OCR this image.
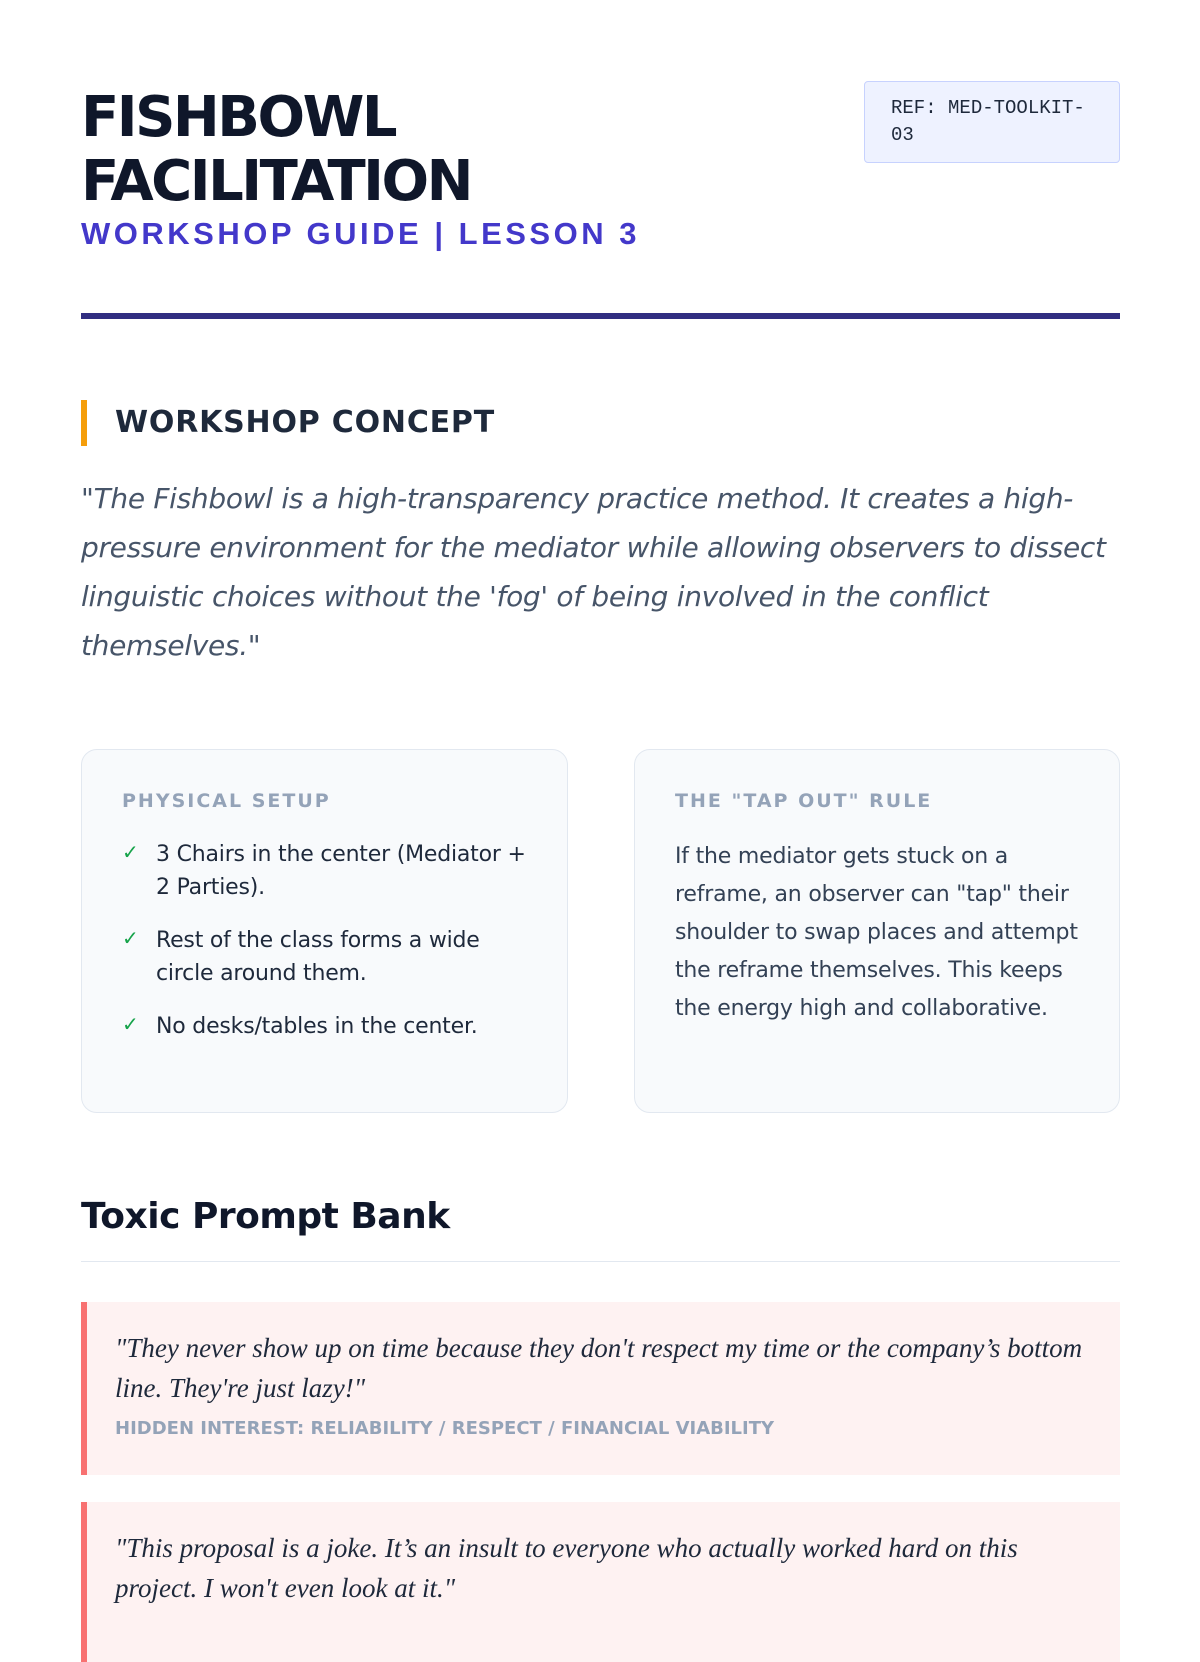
FISHBOWL
FACILITATION
WORKSHOP GUIDE | LESSON 3
REF: MED-TOOLKIT-
03
WORKSHOP CONCEPT

"The Fishbowl is a high-transparency practice method. It creates a high-pressure environment for the mediator while allowing observers to dissect linguistic choices without the 'fog' of being involved in the conflict themselves."

PHYSICAL SETUP
✓ 3 Chairs in the center (Mediator + 2 Parties).
✓ Rest of the class forms a wide circle around them.
✓ No desks/tables in the center.
THE "TAP OUT" RULE

If the mediator gets stuck on a reframe, an observer can "tap" their shoulder to swap places and attempt the reframe themselves. This keeps the energy high and collaborative.

Toxic Prompt Bank

"They never show up on time because they don't respect my time or the company’s bottom line. They're just lazy!"

HIDDEN INTEREST: RELIABILITY / RESPECT / FINANCIAL VIABILITY

"This proposal is a joke. It’s an insult to everyone who actually worked hard on this project. I won't even look at it."
